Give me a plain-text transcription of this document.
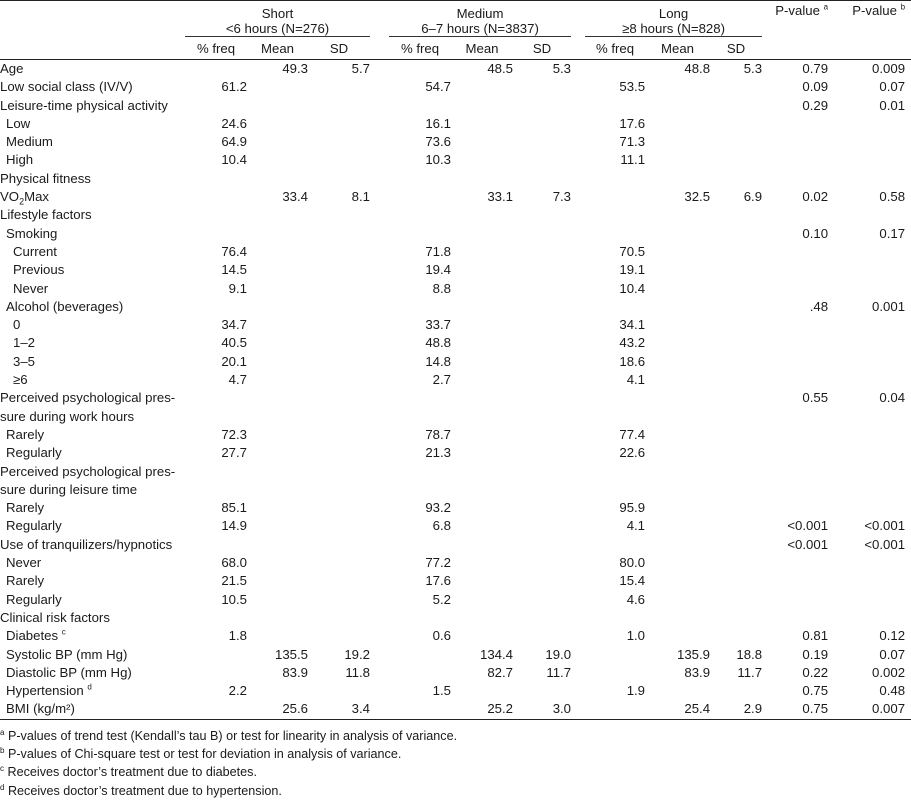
	Short
<6 hours (N=276)				Medium
6–7 hours (N=3837)				Long
≥8 hours (N=828)				P-value $^a$	P-value $^b$
	% freq	Mean	SD		% freq	Mean	SD		% freq	Mean	SD			
Age		49.3	5.7			48.5	5.3			48.8	5.3		0.79	0.009
Low social class (IV/V)	61.2				54.7				53.5				0.09	0.07
Leisure-time physical activity													0.29	0.01
Low	24.6				16.1				17.6					
Medium	64.9				73.6				71.3					
High	10.4				10.3				11.1					
Physical fitness														
$VO_2Max$		33.4	8.1			33.1	7.3			32.5	6.9		0.02	0.58
Lifestyle factors														
Smoking													0.10	0.17
Current	76.4				71.8				70.5					
Previous	14.5				19.4				19.1					
Never	9.1				8.8				10.4					
Alcohol (beverages)													.48	0.001
0	34.7				33.7				34.1					
1–2	40.5				48.8				43.2					
3–5	20.1				14.8				18.6					
≥6	4.7				2.7				4.1					
Perceived psychological pres-													0.55	0.04
sure during work hours														
Rarely	72.3				78.7				77.4					
Regularly	27.7				21.3				22.6					
Perceived psychological pres-														
sure during leisure time														
Rarely	85.1				93.2				95.9					
Regularly	14.9				6.8				4.1				<0.001	<0.001
Use of tranquilizers/hypnotics													<0.001	<0.001
Never	68.0				77.2				80.0					
Rarely	21.5				17.6				15.4					
Regularly	10.5				5.2				4.6					
Clinical risk factors														
Diabetes $^c$	1.8				0.6				1.0				0.81	0.12
Systolic BP (mm Hg)		135.5	19.2			134.4	19.0			135.9	18.8		0.19	0.07
Diastolic BP (mm Hg)		83.9	11.8			82.7	11.7			83.9	11.7		0.22	0.002
Hypertension $^d$	2.2				1.5				1.9				0.75	0.48
BMI (kg/m²)		25.6	3.4			25.2	3.0			25.4	2.9		0.75	0.007
$^a$ P-values of trend test (Kendall’s tau B) or test for linearity in analysis of variance.
$^b$ P-values of Chi-square test or test for deviation in analysis of variance.
$^c$ Receives doctor’s treatment due to diabetes.
$^d$ Receives doctor’s treatment due to hypertension.
